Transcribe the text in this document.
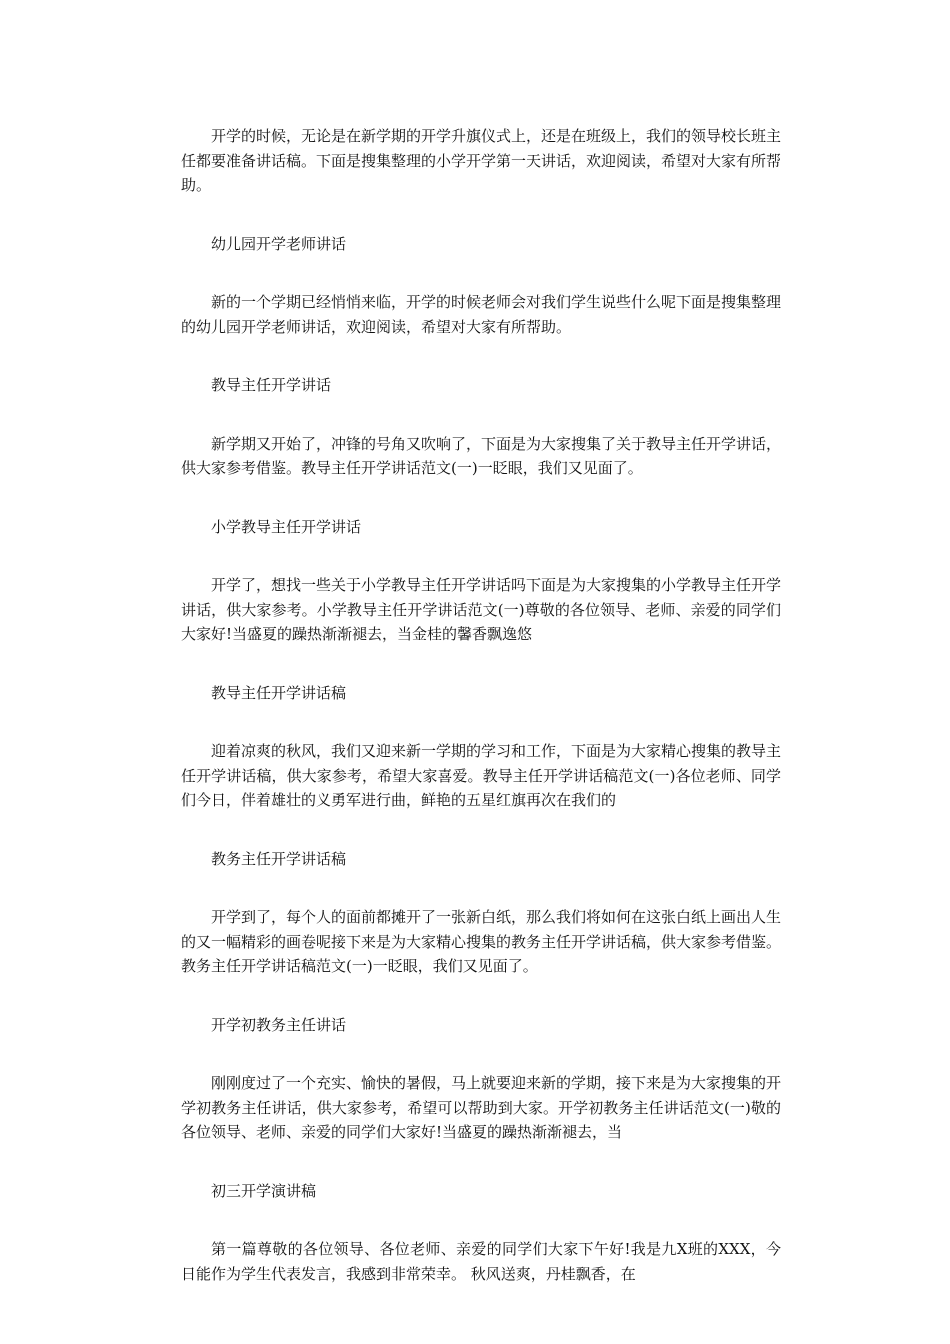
开学的时候，无论是在新学期的开学升旗仪式上，还是在班级上，我们的领导校长班主任都要准备讲话稿。下面是搜集整理的小学开学第一天讲话，欢迎阅读，希望对大家有所帮助。

幼儿园开学老师讲话

新的一个学期已经悄悄来临，开学的时候老师会对我们学生说些什么呢下面是搜集整理的幼儿园开学老师讲话，欢迎阅读，希望对大家有所帮助。

教导主任开学讲话

新学期又开始了，冲锋的号角又吹响了，下面是为大家搜集了关于教导主任开学讲话，供大家参考借鉴。教导主任开学讲话范文(一)一眨眼，我们又见面了。

小学教导主任开学讲话

开学了，想找一些关于小学教导主任开学讲话吗下面是为大家搜集的小学教导主任开学讲话，供大家参考。小学教导主任开学讲话范文(一)尊敬的各位领导、老师、亲爱的同学们大家好!当盛夏的躁热渐渐褪去，当金桂的馨香飘逸悠

教导主任开学讲话稿

迎着凉爽的秋风，我们又迎来新一学期的学习和工作，下面是为大家精心搜集的教导主任开学讲话稿，供大家参考，希望大家喜爱。教导主任开学讲话稿范文(一)各位老师、同学们今日，伴着雄壮的义勇军进行曲，鲜艳的五星红旗再次在我们的

教务主任开学讲话稿

开学到了，每个人的面前都摊开了一张新白纸，那么我们将如何在这张白纸上画出人生的又一幅精彩的画卷呢接下来是为大家精心搜集的教务主任开学讲话稿，供大家参考借鉴。教务主任开学讲话稿范文(一)一眨眼，我们又见面了。

开学初教务主任讲话

刚刚度过了一个充实、愉快的暑假，马上就要迎来新的学期，接下来是为大家搜集的开学初教务主任讲话，供大家参考，希望可以帮助到大家。开学初教务主任讲话范文(一)敬的各位领导、老师、亲爱的同学们大家好!当盛夏的躁热渐渐褪去，当

初三开学演讲稿

第一篇尊敬的各位领导、各位老师、亲爱的同学们大家下午好!我是九X班的XXX，今日能作为学生代表发言，我感到非常荣幸。 秋风送爽，丹桂飘香，在
